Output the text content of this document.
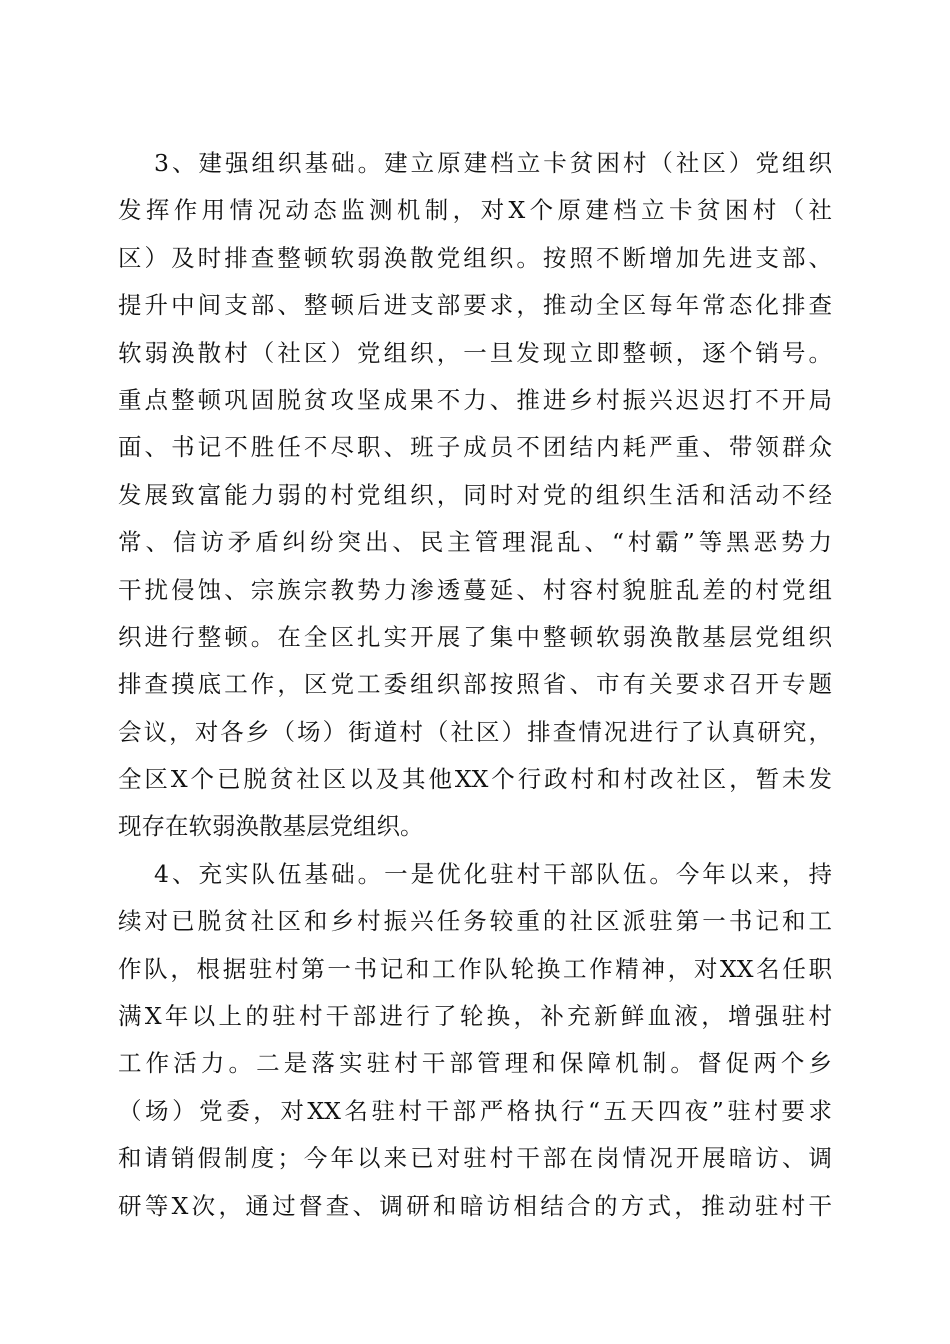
3、建强组织基础。建立原建档立卡贫困村（社区）党组织
发挥作用情况动态监测机制，对X个原建档立卡贫困村（社
区）及时排查整顿软弱涣散党组织。按照不断增加先进支部、
提升中间支部、整顿后进支部要求，推动全区每年常态化排查
软弱涣散村（社区）党组织，一旦发现立即整顿，逐个销号。
重点整顿巩固脱贫攻坚成果不力、推进乡村振兴迟迟打不开局
面、书记不胜任不尽职、班子成员不团结内耗严重、带领群众
发展致富能力弱的村党组织，同时对党的组织生活和活动不经
常、信访矛盾纠纷突出、民主管理混乱、“村霸”等黑恶势力
干扰侵蚀、宗族宗教势力渗透蔓延、村容村貌脏乱差的村党组
织进行整顿。在全区扎实开展了集中整顿软弱涣散基层党组织
排查摸底工作，区党工委组织部按照省、市有关要求召开专题
会议，对各乡（场）街道村（社区）排查情况进行了认真研究，
全区X个已脱贫社区以及其他XX个行政村和村改社区，暂未发
现存在软弱涣散基层党组织。
4、充实队伍基础。一是优化驻村干部队伍。今年以来，持
续对已脱贫社区和乡村振兴任务较重的社区派驻第一书记和工
作队，根据驻村第一书记和工作队轮换工作精神，对XX名任职
满X年以上的驻村干部进行了轮换，补充新鲜血液，增强驻村
工作活力。二是落实驻村干部管理和保障机制。督促两个乡
（场）党委，对XX名驻村干部严格执行“五天四夜”驻村要求
和请销假制度；今年以来已对驻村干部在岗情况开展暗访、调
研等X次，通过督查、调研和暗访相结合的方式，推动驻村干
